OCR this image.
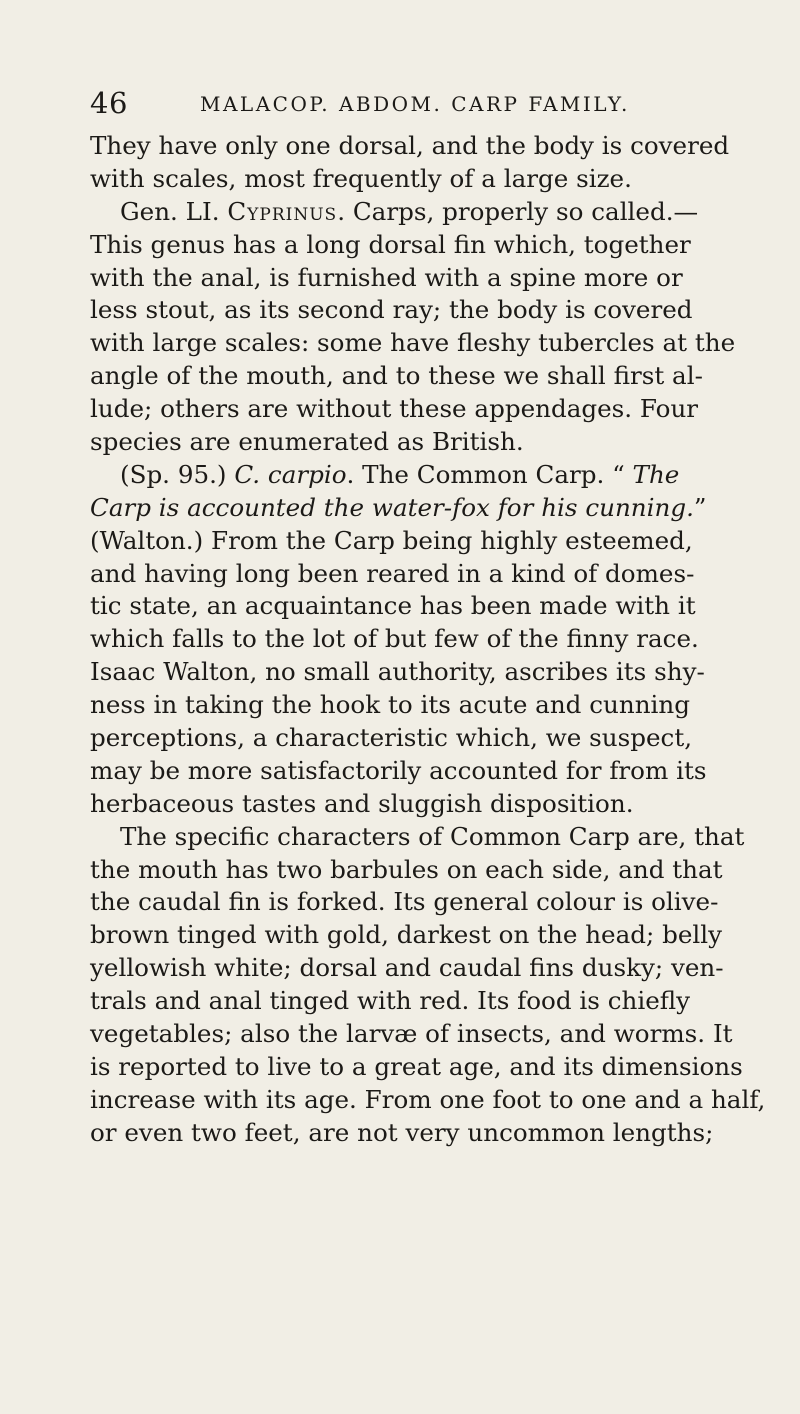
46	MALACOP. ABDOM. CARP FAMILY.
They have only one dorsal, and the body is covered
with scales, most frequently of a large size.
Gen. LI. Cyprinus. Carps, properly so called.—
This genus has a long dorsal fin which, together
with the anal, is furnished with a spine more or
less stout, as its second ray; the body is covered
with large scales: some have fleshy tubercles at the
angle of the mouth, and to these we shall first al-
lude; others are without these appendages. Four
species are enumerated as British.
(Sp. 95.) C. carpio. The Common Carp. “ The
Carp is accounted the water-fox for his cunning.”
(Walton.) From the Carp being highly esteemed,
and having long been reared in a kind of domes-
tic state, an acquaintance has been made with it
which falls to the lot of but few of the finny race.
Isaac Walton, no small authority, ascribes its shy-
ness in taking the hook to its acute and cunning
perceptions, a characteristic which, we suspect,
may be more satisfactorily accounted for from its
herbaceous tastes and sluggish disposition.
The specific characters of Common Carp are, that
the mouth has two barbules on each side, and that
the caudal fin is forked. Its general colour is olive-
brown tinged with gold, darkest on the head; belly
yellowish white; dorsal and caudal fins dusky; ven-
trals and anal tinged with red. Its food is chiefly
vegetables; also the larvæ of insects, and worms. It
is reported to live to a great age, and its dimensions
increase with its age. From one foot to one and a half,
or even two feet, are not very uncommon lengths;
